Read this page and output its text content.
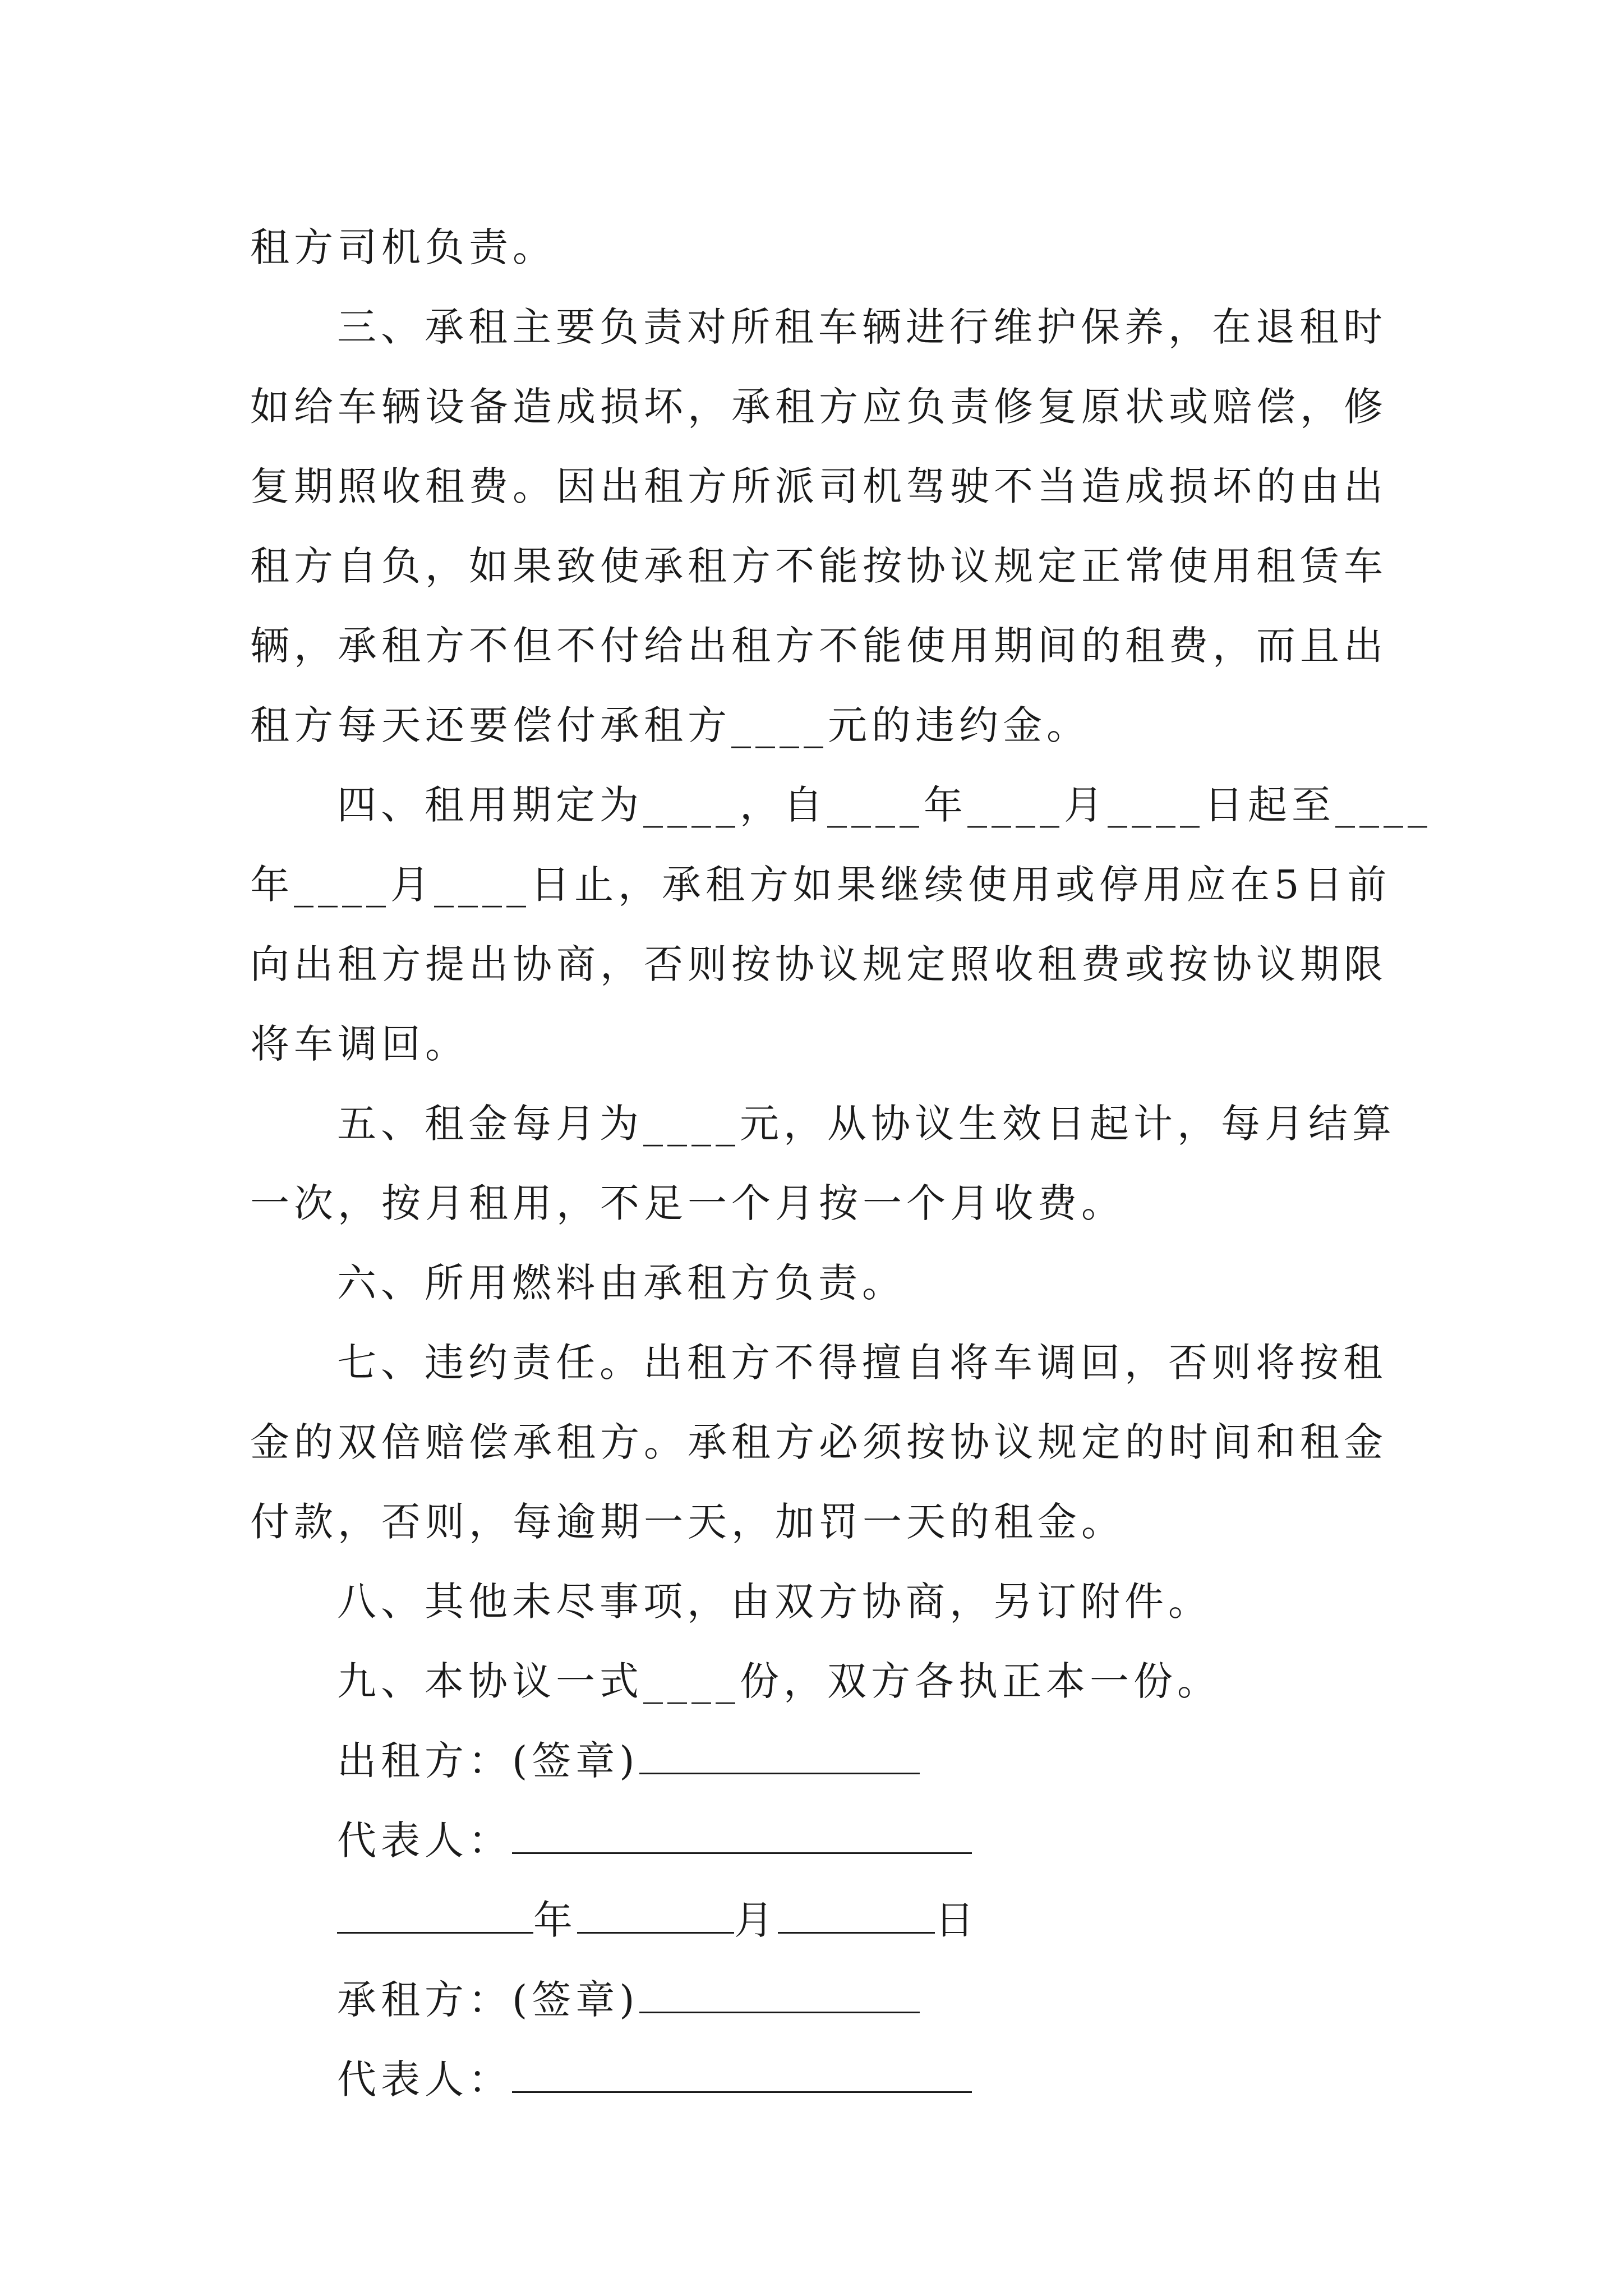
租方司机负责。
三、承租主要负责对所租车辆进行维护保养，在退租时
如给车辆设备造成损坏，承租方应负责修复原状或赔偿，修
复期照收租费。因出租方所派司机驾驶不当造成损坏的由出
租方自负，如果致使承租方不能按协议规定正常使用租赁车
辆，承租方不但不付给出租方不能使用期间的租费，而且出
租方每天还要偿付承租方____元的违约金。
四、租用期定为____，自____年____月____日起至____
年____月____日止，承租方如果继续使用或停用应在5日前
向出租方提出协商，否则按协议规定照收租费或按协议期限
将车调回。
五、租金每月为____元，从协议生效日起计，每月结算
一次，按月租用，不足一个月按一个月收费。
六、所用燃料由承租方负责。
七、违约责任。出租方不得擅自将车调回，否则将按租
金的双倍赔偿承租方。承租方必须按协议规定的时间和租金
付款，否则，每逾期一天，加罚一天的租金。
八、其他未尽事项，由双方协商，另订附件。
九、本协议一式____份，双方各执正本一份。
出租方：(签章)
代表人：
年	月	日
承租方：(签章)
代表人：
